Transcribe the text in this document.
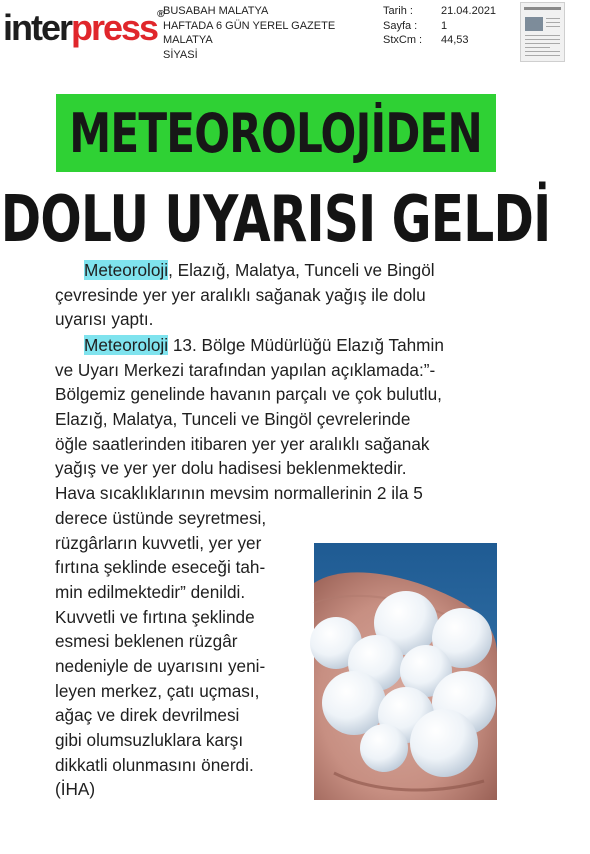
interpress®
BUSABAH MALATYA
HAFTADA 6 GÜN YEREL GAZETE
MALATYA
SİYASİ
Tarih :	21.04.2021
Sayfa :	1
StxCm :	44,53
METEOROLOJİDEN
DOLU UYARISI GELDİ
Meteoroloji, Elazığ, Malatya, Tunceli ve Bingöl
çevresinde yer yer aralıklı sağanak yağış ile dolu
uyarısı yaptı.
Meteoroloji 13. Bölge Müdürlüğü Elazığ Tahmin
ve Uyarı Merkezi tarafından yapılan açıklamada:”-
Bölgemiz genelinde havanın parçalı ve çok bulutlu,
Elazığ, Malatya, Tunceli ve Bingöl çevrelerinde
öğle saatlerinden itibaren yer yer aralıklı sağanak
yağış ve yer yer dolu hadisesi beklenmektedir.
Hava sıcaklıklarının mevsim normallerinin 2 ila 5
derece üstünde seyretmesi,
rüzgârların kuvvetli, yer yer
fırtına şeklinde eseceği tah-
min edilmektedir” denildi.
Kuvvetli ve fırtına şeklinde
esmesi beklenen rüzgâr
nedeniyle de uyarısını yeni-
leyen merkez, çatı uçması,
ağaç ve direk devrilmesi
gibi olumsuzluklara karşı
dikkatli olunmasını önerdi.
(İHA)
